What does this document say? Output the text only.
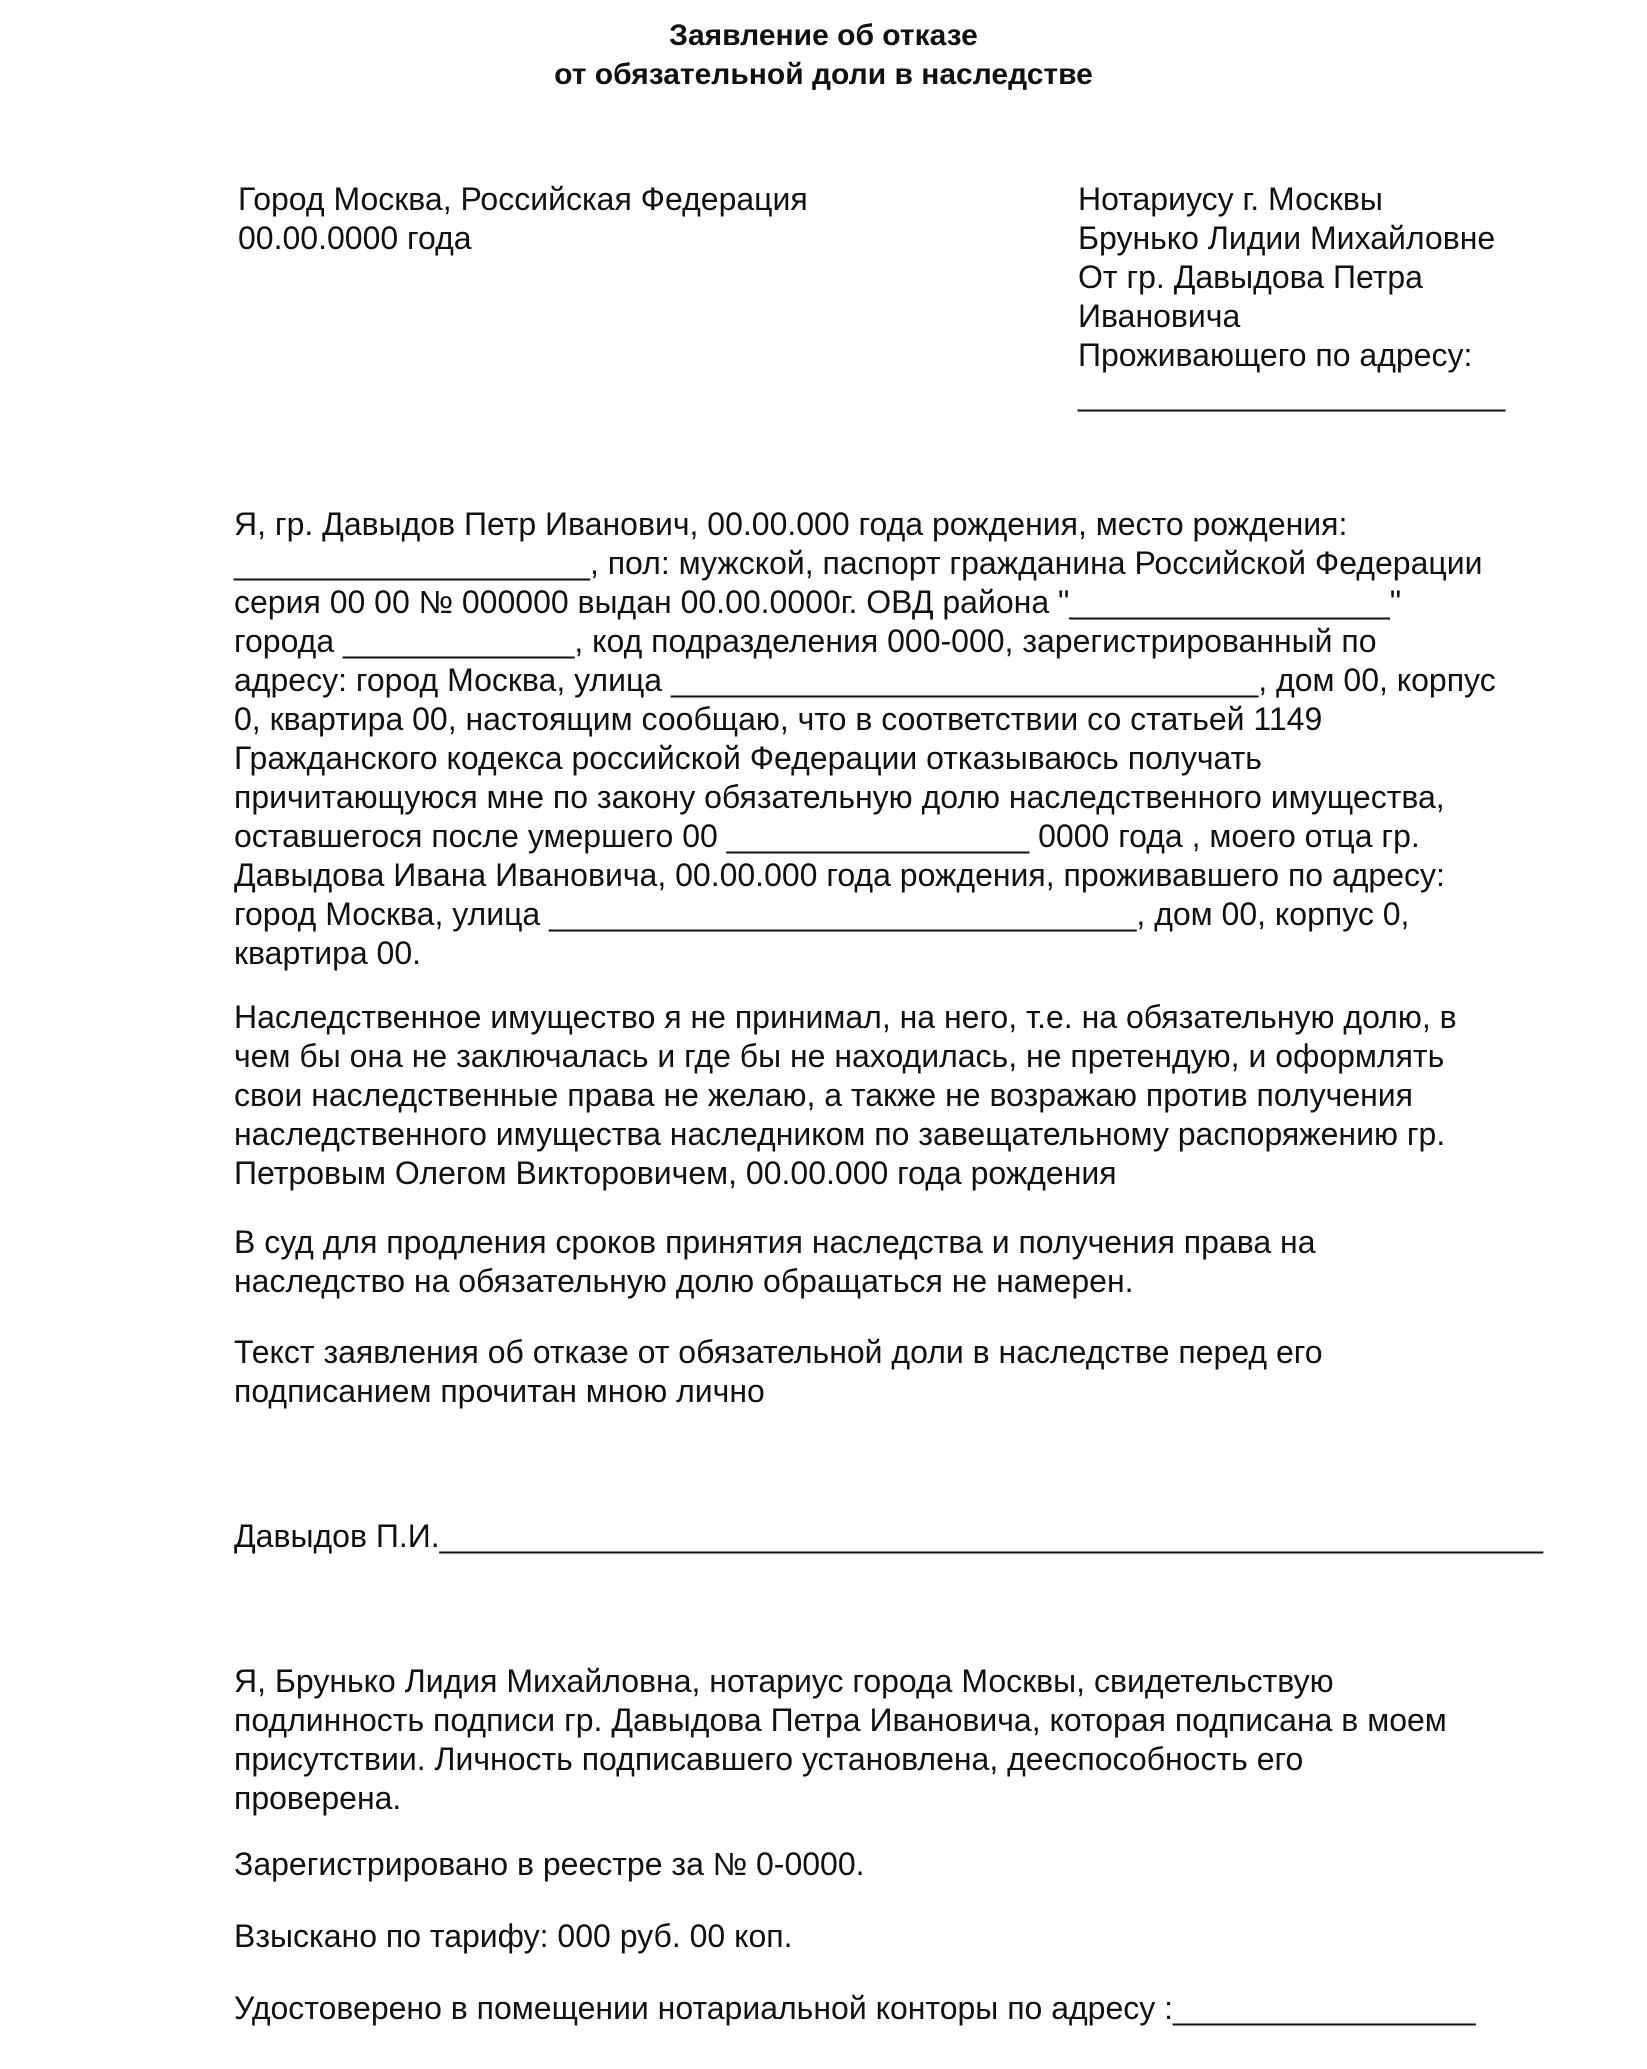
Заявление об отказе
от обязательной доли в наследстве
Город Москва, Российская Федерация
00.00.0000 года
Нотариусу г. Москвы
Брунько Лидии Михайловне
От гр. Давыдова Петра
Ивановича
Проживающего по адресу:
________________________
Я, гр. Давыдов Петр Иванович, 00.00.000 года рождения, место рождения:
____________________, пол: мужской, паспорт гражданина Российской Федерации
серия 00 00 № 000000 выдан 00.00.0000г. ОВД района "__________________"
города _____________, код подразделения 000-000, зарегистрированный по
адресу: город Москва, улица _________________________________, дом 00, корпус
0, квартира 00, настоящим сообщаю, что в соответствии со статьей 1149
Гражданского кодекса российской Федерации отказываюсь получать
причитающуюся мне по закону обязательную долю наследственного имущества,
оставшегося после умершего 00 _________________ 0000 года , моего отца гр.
Давыдова Ивана Ивановича, 00.00.000 года рождения, проживавшего по адресу:
город Москва, улица _________________________________, дом 00, корпус 0,
квартира 00.
Наследственное имущество я не принимал, на него, т.е. на обязательную долю, в
чем бы она не заключалась и где бы не находилась, не претендую, и оформлять
свои наследственные права не желаю, а также не возражаю против получения
наследственного имущества наследником по завещательному распоряжению гр.
Петровым Олегом Викторовичем, 00.00.000 года рождения
В суд для продления сроков принятия наследства и получения права на
наследство на обязательную долю обращаться не намерен.
Текст заявления об отказе от обязательной доли в наследстве перед его
подписанием прочитан мною лично
Давыдов П.И.______________________________________________________________
Я, Брунько Лидия Михайловна, нотариус города Москвы, свидетельствую
подлинность подписи гр. Давыдова Петра Ивановича, которая подписана в моем
присутствии. Личность подписавшего установлена, дееспособность его
проверена.
Зарегистрировано в реестре за № 0-0000.
Взыскано по тарифу: 000 руб. 00 коп.
Удостоверено в помещении нотариальной конторы по адресу :_________________
